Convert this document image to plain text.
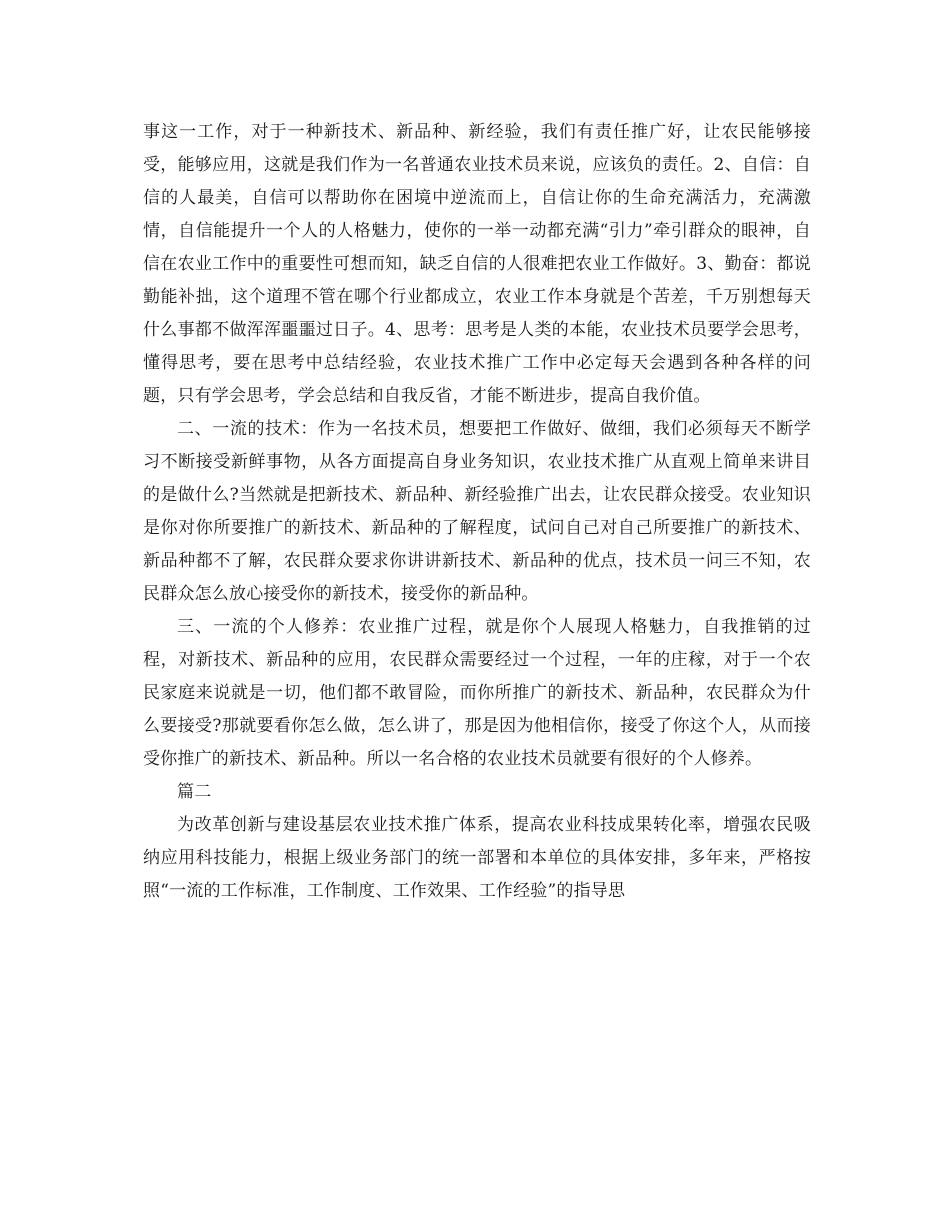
事这一工作，对于一种新技术、新品种、新经验，我们有责任推广好，让农民能够接受，能够应用，这就是我们作为一名普通农业技术员来说，应该负的责任。2、自信：自信的人最美，自信可以帮助你在困境中逆流而上，自信让你的生命充满活力，充满激情，自信能提升一个人的人格魅力，使你的一举一动都充满“引力”牵引群众的眼神，自信在农业工作中的重要性可想而知，缺乏自信的人很难把农业工作做好。3、勤奋：都说勤能补拙，这个道理不管在哪个行业都成立，农业工作本身就是个苦差，千万别想每天什么事都不做浑浑噩噩过日子。4、思考：思考是人类的本能，农业技术员要学会思考，懂得思考，要在思考中总结经验，农业技术推广工作中必定每天会遇到各种各样的问题，只有学会思考，学会总结和自我反省，才能不断进步，提高自我价值。

二、一流的技术：作为一名技术员，想要把工作做好、做细，我们必须每天不断学习不断接受新鲜事物，从各方面提高自身业务知识，农业技术推广从直观上简单来讲目的是做什么?当然就是把新技术、新品种、新经验推广出去，让农民群众接受。农业知识是你对你所要推广的新技术、新品种的了解程度，试问自己对自己所要推广的新技术、新品种都不了解，农民群众要求你讲讲新技术、新品种的优点，技术员一问三不知，农民群众怎么放心接受你的新技术，接受你的新品种。

三、一流的个人修养：农业推广过程，就是你个人展现人格魅力，自我推销的过程，对新技术、新品种的应用，农民群众需要经过一个过程，一年的庄稼，对于一个农民家庭来说就是一切，他们都不敢冒险，而你所推广的新技术、新品种，农民群众为什么要接受?那就要看你怎么做，怎么讲了，那是因为他相信你，接受了你这个人，从而接受你推广的新技术、新品种。所以一名合格的农业技术员就要有很好的个人修养。

篇二

为改革创新与建设基层农业技术推广体系，提高农业科技成果转化率，增强农民吸纳应用科技能力，根据上级业务部门的统一部署和本单位的具体安排，多年来，严格按照“一流的工作标准，工作制度、工作效果、工作经验”的指导思
